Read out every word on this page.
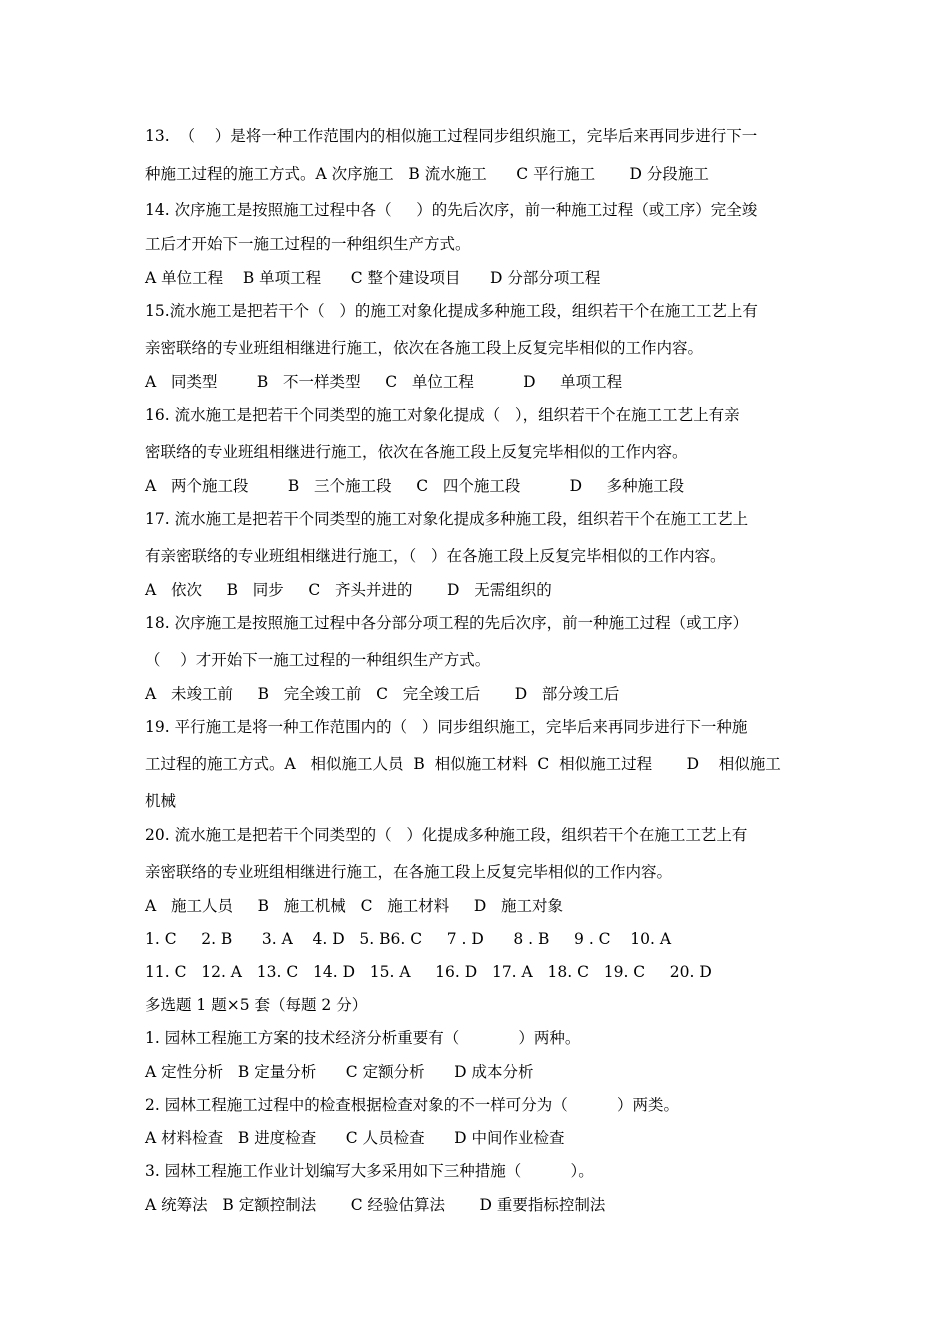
13.  （    ）是将一种工作范围内的相似施工过程同步组织施工，完毕后来再同步进行下一
种施工过程的施工方式。A 次序施工   B 流水施工      C 平行施工       D 分段施工
14. 次序施工是按照施工过程中各（     ）的先后次序，前一种施工过程（或工序）完全竣
工后才开始下一施工过程的一种组织生产方式。
A 单位工程    B 单项工程      C 整个建设项目      D 分部分项工程
15.流水施工是把若干个（   ）的施工对象化提成多种施工段，组织若干个在施工工艺上有
亲密联络的专业班组相继进行施工，依次在各施工段上反复完毕相似的工作内容。
A   同类型        B   不一样类型     C   单位工程          D     单项工程
16. 流水施工是把若干个同类型的施工对象化提成（   ），组织若干个在施工工艺上有亲
密联络的专业班组相继进行施工，依次在各施工段上反复完毕相似的工作内容。
A   两个施工段        B   三个施工段     C   四个施工段          D     多种施工段
17. 流水施工是把若干个同类型的施工对象化提成多种施工段，组织若干个在施工工艺上
有亲密联络的专业班组相继进行施工，（   ）在各施工段上反复完毕相似的工作内容。
A   依次     B   同步     C   齐头并进的       D   无需组织的
18. 次序施工是按照施工过程中各分部分项工程的先后次序，前一种施工过程（或工序）
（    ）才开始下一施工过程的一种组织生产方式。
A   未竣工前     B   完全竣工前   C   完全竣工后       D   部分竣工后
19. 平行施工是将一种工作范围内的（   ）同步组织施工，完毕后来再同步进行下一种施
工过程的施工方式。A   相似施工人员  B  相似施工材料  C  相似施工过程       D    相似施工
机械
20. 流水施工是把若干个同类型的（   ）化提成多种施工段，组织若干个在施工工艺上有
亲密联络的专业班组相继进行施工，在各施工段上反复完毕相似的工作内容。
A   施工人员     B   施工机械   C   施工材料     D   施工对象
1. C     2. B      3. A    4. D   5. B6. C     7 . D      8 . B     9 . C    10. A
11. C   12. A   13. C   14. D   15. A     16. D   17. A   18. C   19. C     20. D
多选题 1 题×5 套（每题 2 分）
1. 园林工程施工方案的技术经济分析重要有（            ）两种。
A 定性分析   B 定量分析      C 定额分析      D 成本分析
2. 园林工程施工过程中的检查根据检查对象的不一样可分为（          ）两类。
A 材料检查   B 进度检查      C 人员检查      D 中间作业检查
3. 园林工程施工作业计划编写大多采用如下三种措施（          ）。
A 统筹法   B 定额控制法       C 经验估算法       D 重要指标控制法
